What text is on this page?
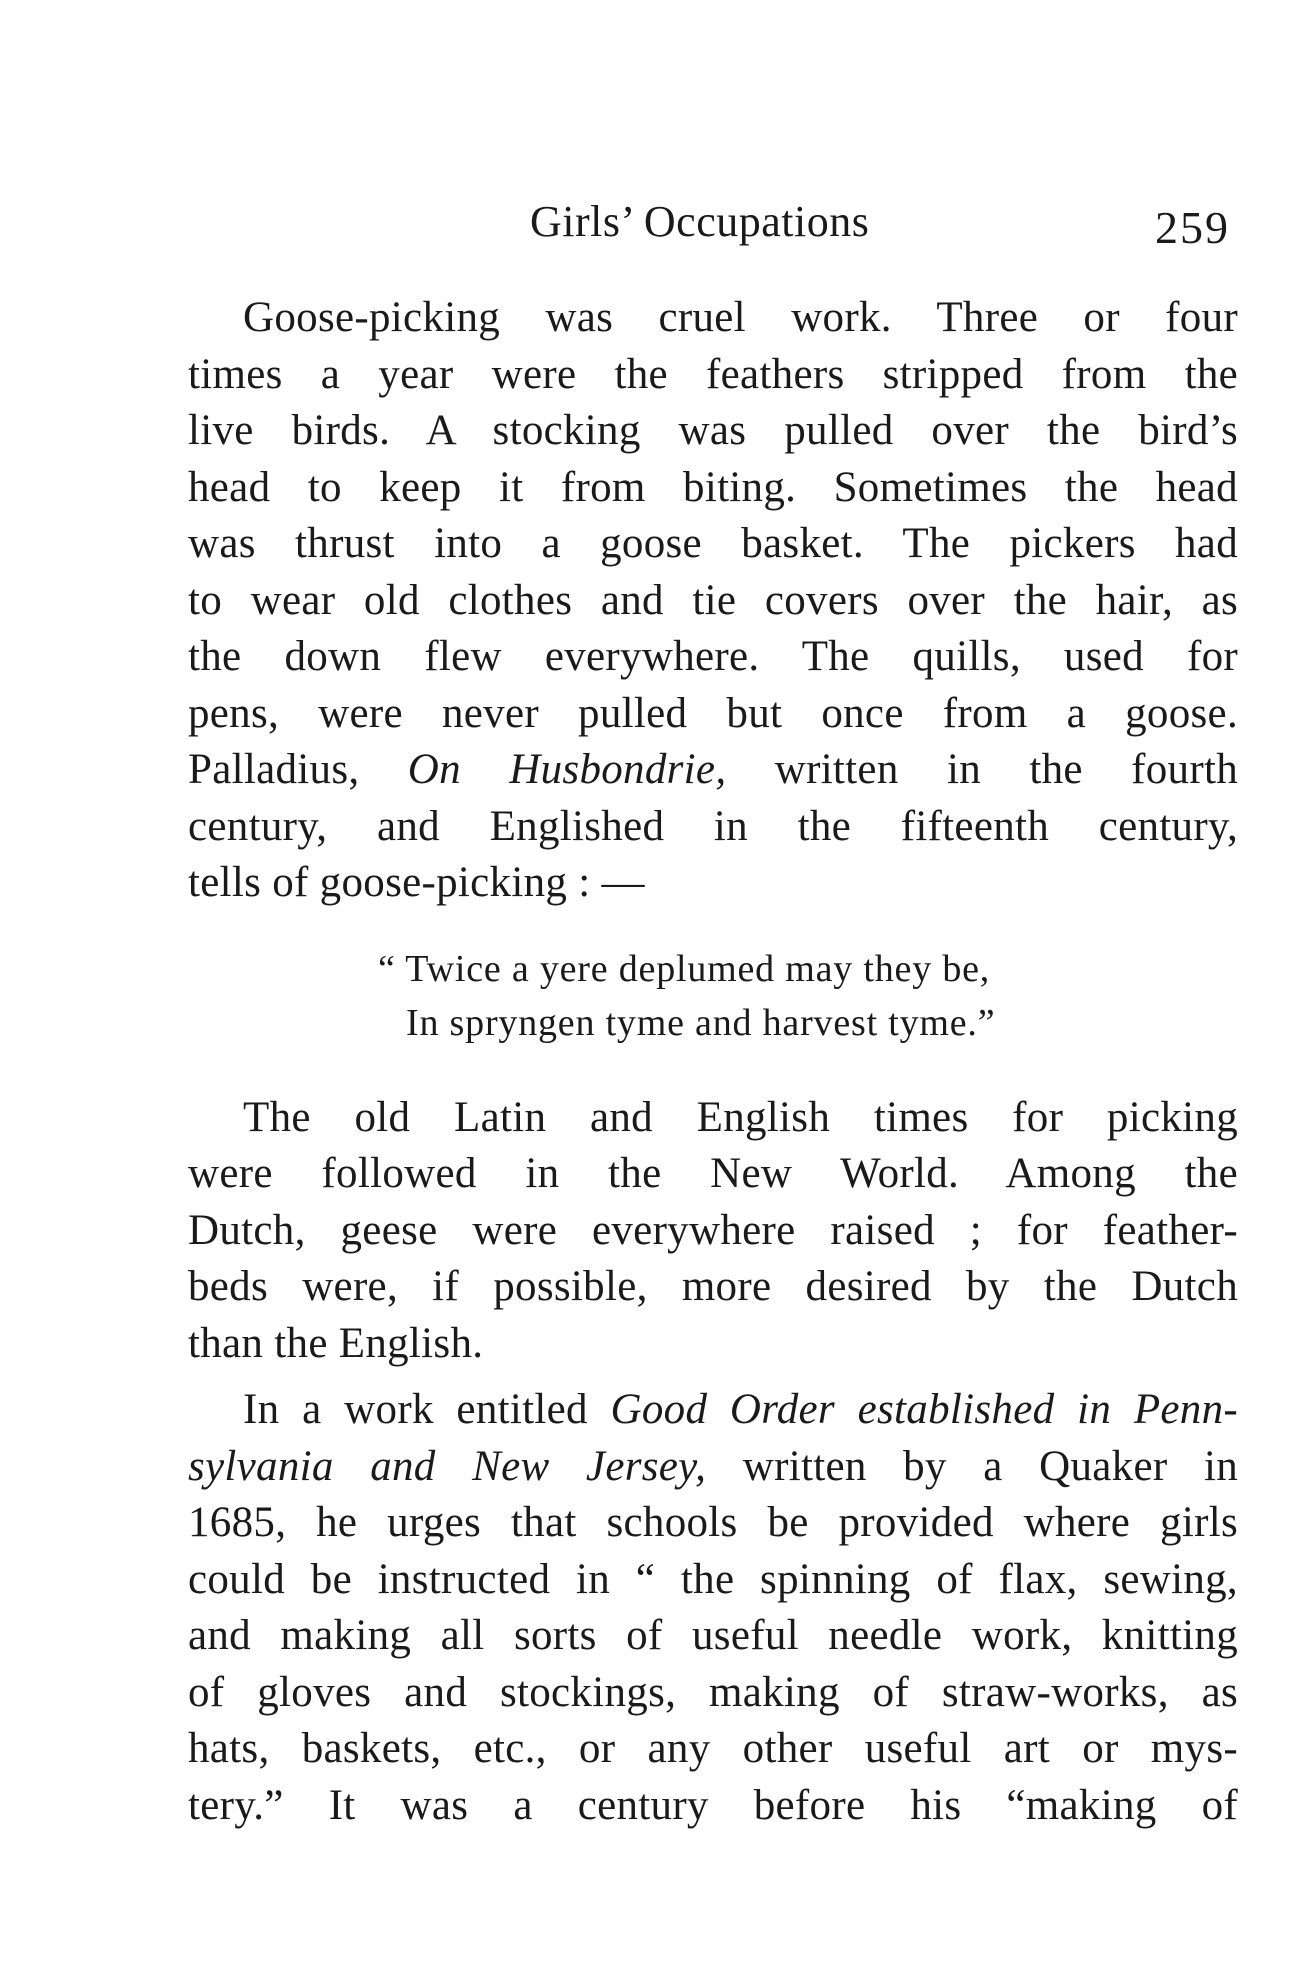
Girls’ Occupations	259

Goose-picking was cruel work. Three or four
times a year were the feathers stripped from the
live birds. A stocking was pulled over the bird’s
head to keep it from biting. Sometimes the head
was thrust into a goose basket. The pickers had
to wear old clothes and tie covers over the hair, as
the down flew everywhere. The quills, used for
pens, were never pulled but once from a goose.
Palladius, On Husbondrie, written in the fourth
century, and Englished in the fifteenth century,
tells of goose-picking : —

“ Twice a yere deplumed may they be,
In spryngen tyme and harvest tyme.”

The old Latin and English times for picking
were followed in the New World. Among the
Dutch, geese were everywhere raised ; for feather-
beds were, if possible, more desired by the Dutch
than the English.

In a work entitled Good Order established in Penn-
sylvania and New Jersey, written by a Quaker in
1685, he urges that schools be provided where girls
could be instructed in “ the spinning of flax, sewing,
and making all sorts of useful needle work, knitting
of gloves and stockings, making of straw-works, as
hats, baskets, etc., or any other useful art or mys-
tery.” It was a century before his “making of
